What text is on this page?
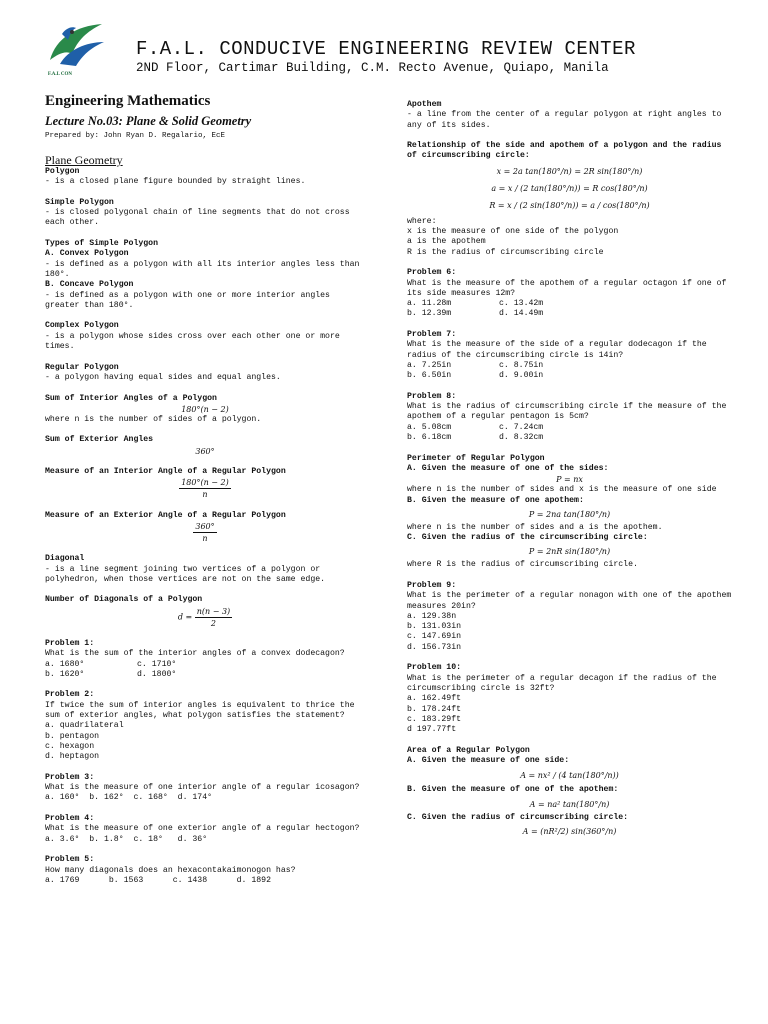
F.A.L CON
F.A.L. CONDUCIVE ENGINEERING REVIEW CENTER
2ND Floor, Cartimar Building, C.M. Recto Avenue, Quiapo, Manila
Engineering Mathematics
Lecture No.03: Plane & Solid Geometry
Prepared by: John Ryan D. Regalario, EcE
Plane Geometry
Polygon
- is a closed plane figure bounded by straight lines.
Simple Polygon
- is closed polygonal chain of line segments that do not cross each other.
Types of Simple Polygon
A. Convex Polygon
- is defined as a polygon with all its interior angles less than 180°.
B. Concave Polygon
- is defined as a polygon with one or more interior angles greater than 180°.
Complex Polygon
- is a polygon whose sides cross over each other one or more times.
Regular Polygon
- a polygon having equal sides and equal angles.
Sum of Interior Angles of a Polygon
180°(n − 2)
where n is the number of sides of a polygon.
Sum of Exterior Angles
360°
Measure of an Interior Angle of a Regular Polygon
$\frac{180^\circ(n - 2)}{n}$
Measure of an Exterior Angle of a Regular Polygon
$\frac{360^\circ}{n}$
Diagonal
- is a line segment joining two vertices of a polygon or polyhedron, when those vertices are not on the same edge.
Number of Diagonals of a Polygon
$d = \frac{n(n - 3)}{2}$
Problem 1:
What is the sum of the interior angles of a convex dodecagon?
a. 1680°	c. 1710°
b. 1620°	d. 1800°
Problem 2:
If twice the sum of interior angles is equivalent to thrice the sum of exterior angles, what polygon satisfies the statement?
a. quadrilateral
b. pentagon
c. hexagon
d. heptagon
Problem 3:
What is the measure of one interior angle of a regular icosagon?
a. 160°  b. 162°  c. 168°  d. 174°
Problem 4:
What is the measure of one exterior angle of a regular hectogon?
a. 3.6°  b. 1.8°  c. 18°   d. 36°
Problem 5:
How many diagonals does an hexacontakaimonogon has?
a. 1769      b. 1563      c. 1438      d. 1892
Apothem
- a line from the center of a regular polygon at right angles to any of its sides.
Relationship of the side and apothem of a polygon and the radius of circumscribing circle:
x = 2a tan(180°/n) = 2R sin(180°/n)
a = x / (2 tan(180°/n)) = R cos(180°/n)
R = x / (2 sin(180°/n)) = a / cos(180°/n)
where:
x is the measure of one side of the polygon
a is the apothem
R is the radius of circumscribing circle
Problem 6:
What is the measure of the apothem of a regular octagon if one of its side measures 12m?
a. 11.28m	c. 13.42m
b. 12.39m	d. 14.49m
Problem 7:
What is the measure of the side of a regular dodecagon if the radius of the circumscribing circle is 14in?
a. 7.25in	c. 8.75in
b. 6.50in	d. 9.00in
Problem 8:
What is the radius of circumscribing circle if the measure of the apothem of a regular pentagon is 5cm?
a. 5.08cm	c. 7.24cm
b. 6.18cm	d. 8.32cm
Perimeter of Regular Polygon
A. Given the measure of one of the sides:
P = nx
where n is the number of sides and x is the measure of one side
B. Given the measure of one apothem:
P = 2na tan(180°/n)
where n is the number of sides and a is the apothem.
C. Given the radius of the circumscribing circle:
P = 2nR sin(180°/n)
where R is the radius of circumscribing circle.
Problem 9:
What is the perimeter of a regular nonagon with one of the apothem measures 20in?
a. 129.38n
b. 131.03in
c. 147.69in
d. 156.73in
Problem 10:
What is the perimeter of a regular decagon if the radius of the circumscribing circle is 32ft?
a. 162.49ft
b. 178.24ft
c. 183.29ft
d 197.77ft
Area of a Regular Polygon
A. Given the measure of one side:
A = nx² / (4 tan(180°/n))
B. Given the measure of one of the apothem:
A = na² tan(180°/n)
C. Given the radius of circumscribing circle:
A = (nR²/2) sin(360°/n)
